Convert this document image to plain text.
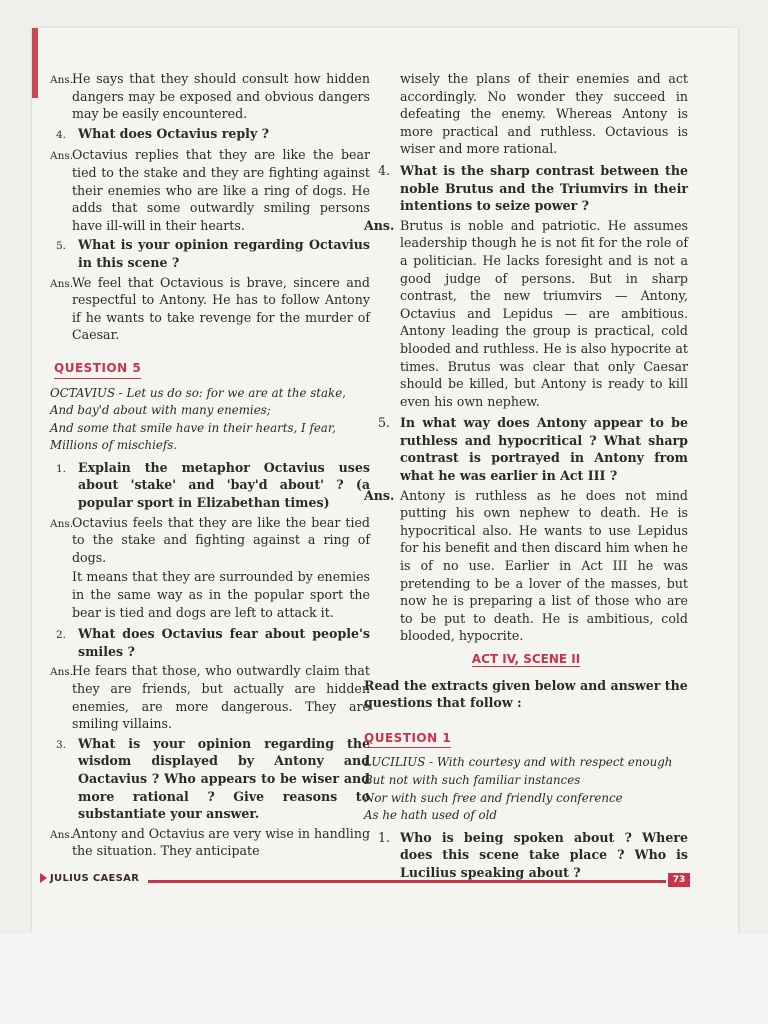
Ans.
He says that they should consult how hidden dangers may be exposed and obvious dangers may be easily encountered.
4. What does Octavius reply ?
Ans.
Octavius replies that they are like the bear tied to the stake and they are fighting against their enemies who are like a ring of dogs. He adds that some outwardly smiling persons have ill-will in their hearts.
5. What is your opinion regarding Octavius in this scene ?
Ans.
We feel that Octavious is brave, sincere and respectful to Antony. He has to follow Antony if he wants to take revenge for the murder of Caesar.
QUESTION 5
OCTAVIUS - Let us do so: for we are at the stake,
And bay'd about with many enemies;
And some that smile have in their hearts, I fear,
Millions of mischiefs.
1. Explain the metaphor Octavius uses about 'stake' and 'bay'd about' ? (a popular sport in Elizabethan times)
Ans.
Octavius feels that they are like the bear tied to the stake and fighting against a ring of dogs.
It means that they are surrounded by enemies in the same way as in the popular sport the bear is tied and dogs are left to attack it.
2. What does Octavius fear about people's smiles ?
Ans.
He fears that those, who outwardly claim that they are friends, but actually are hidden enemies, are more dangerous. They are smiling villains.
3. What is your opinion regarding the wisdom displayed by Antony and Oactavius ? Who appears to be wiser and more rational ? Give reasons to substantiate your answer.
Ans.
Antony and Octavius are very wise in handling the situation. They anticipate
wisely the plans of their enemies and act accordingly. No wonder they succeed in defeating the enemy. Whereas Antony is more practical and ruthless. Octavious is wiser and more rational.
4. What is the sharp contrast between the noble Brutus and the Triumvirs in their intentions to seize power ?
Ans. Brutus is noble and patriotic. He assumes leadership though he is not fit for the role of a politician. He lacks foresight and is not a good judge of persons. But in sharp contrast, the new triumvirs — Antony, Octavius and Lepidus — are ambitious. Antony leading the group is practical, cold blooded and ruthless. He is also hypocrite at times. Brutus was clear that only Caesar should be killed, but Antony is ready to kill even his own nephew.
5. In what way does Antony appear to be ruthless and hypocritical ? What sharp contrast is portrayed in Antony from what he was earlier in Act III ?
Ans. Antony is ruthless as he does not mind putting his own nephew to death. He is hypocritical also. He wants to use Lepidus for his benefit and then discard him when he is of no use. Earlier in Act III he was pretending to be a lover of the masses, but now he is preparing a list of those who are to be put to death. He is ambitious, cold blooded, hypocrite.
ACT IV, SCENE II
Read the extracts given below and answer the questions that follow :
QUESTION 1
LUCILIUS - With courtesy and with respect enough
But not with such familiar instances
Nor with such free and friendly conference
As he hath used of old
1. Who is being spoken about ? Where does this scene take place ? Who is Lucilius speaking about ?
JULIUS CAESAR	73
